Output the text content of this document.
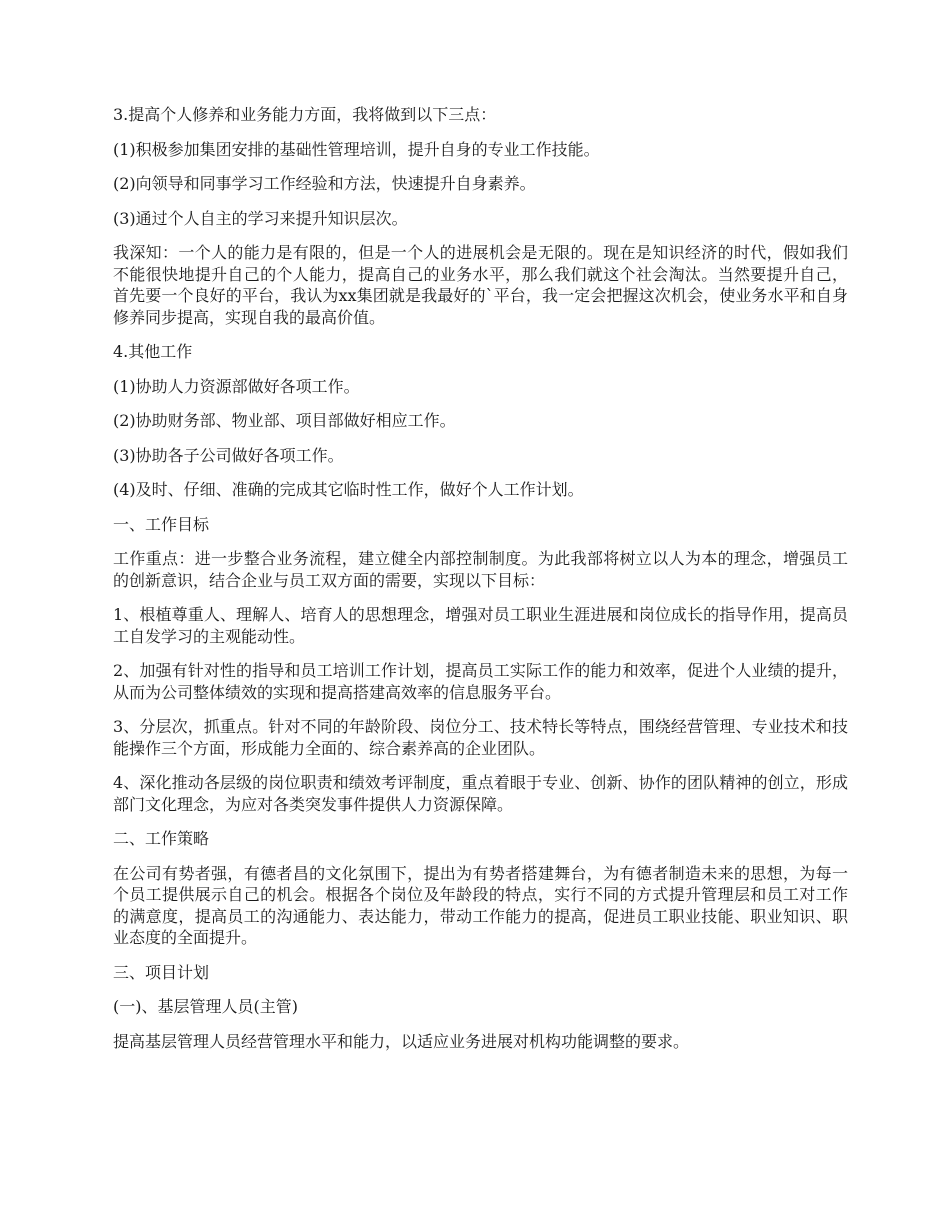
3.提高个人修养和业务能力方面，我将做到以下三点：

(1)积极参加集团安排的基础性管理培训，提升自身的专业工作技能。

(2)向领导和同事学习工作经验和方法，快速提升自身素养。

(3)通过个人自主的学习来提升知识层次。

我深知：一个人的能力是有限的，但是一个人的进展机会是无限的。现在是知识经济的时代，假如我们不能很快地提升自己的个人能力，提高自己的业务水平，那么我们就这个社会淘汰。当然要提升自己，首先要一个良好的平台，我认为xx集团就是我最好的`平台，我一定会把握这次机会，使业务水平和自身修养同步提高，实现自我的最高价值。

4.其他工作

(1)协助人力资源部做好各项工作。

(2)协助财务部、物业部、项目部做好相应工作。

(3)协助各子公司做好各项工作。

(4)及时、仔细、准确的完成其它临时性工作，做好个人工作计划。

一、工作目标

工作重点：进一步整合业务流程，建立健全内部控制制度。为此我部将树立以人为本的理念，增强员工的创新意识，结合企业与员工双方面的需要，实现以下目标：

1、根植尊重人、理解人、培育人的思想理念，增强对员工职业生涯进展和岗位成长的指导作用，提高员工自发学习的主观能动性。

2、加强有针对性的指导和员工培训工作计划，提高员工实际工作的能力和效率，促进个人业绩的提升，从而为公司整体绩效的实现和提高搭建高效率的信息服务平台。

3、分层次，抓重点。针对不同的年龄阶段、岗位分工、技术特长等特点，围绕经营管理、专业技术和技能操作三个方面，形成能力全面的、综合素养高的企业团队。

4、深化推动各层级的岗位职责和绩效考评制度，重点着眼于专业、创新、协作的团队精神的创立，形成部门文化理念，为应对各类突发事件提供人力资源保障。

二、工作策略

在公司有势者强，有德者昌的文化氛围下，提出为有势者搭建舞台，为有德者制造未来的思想，为每一个员工提供展示自己的机会。根据各个岗位及年龄段的特点，实行不同的方式提升管理层和员工对工作的满意度，提高员工的沟通能力、表达能力，带动工作能力的提高，促进员工职业技能、职业知识、职业态度的全面提升。

三、项目计划

(一)、基层管理人员(主管)

提高基层管理人员经营管理水平和能力，以适应业务进展对机构功能调整的要求。
